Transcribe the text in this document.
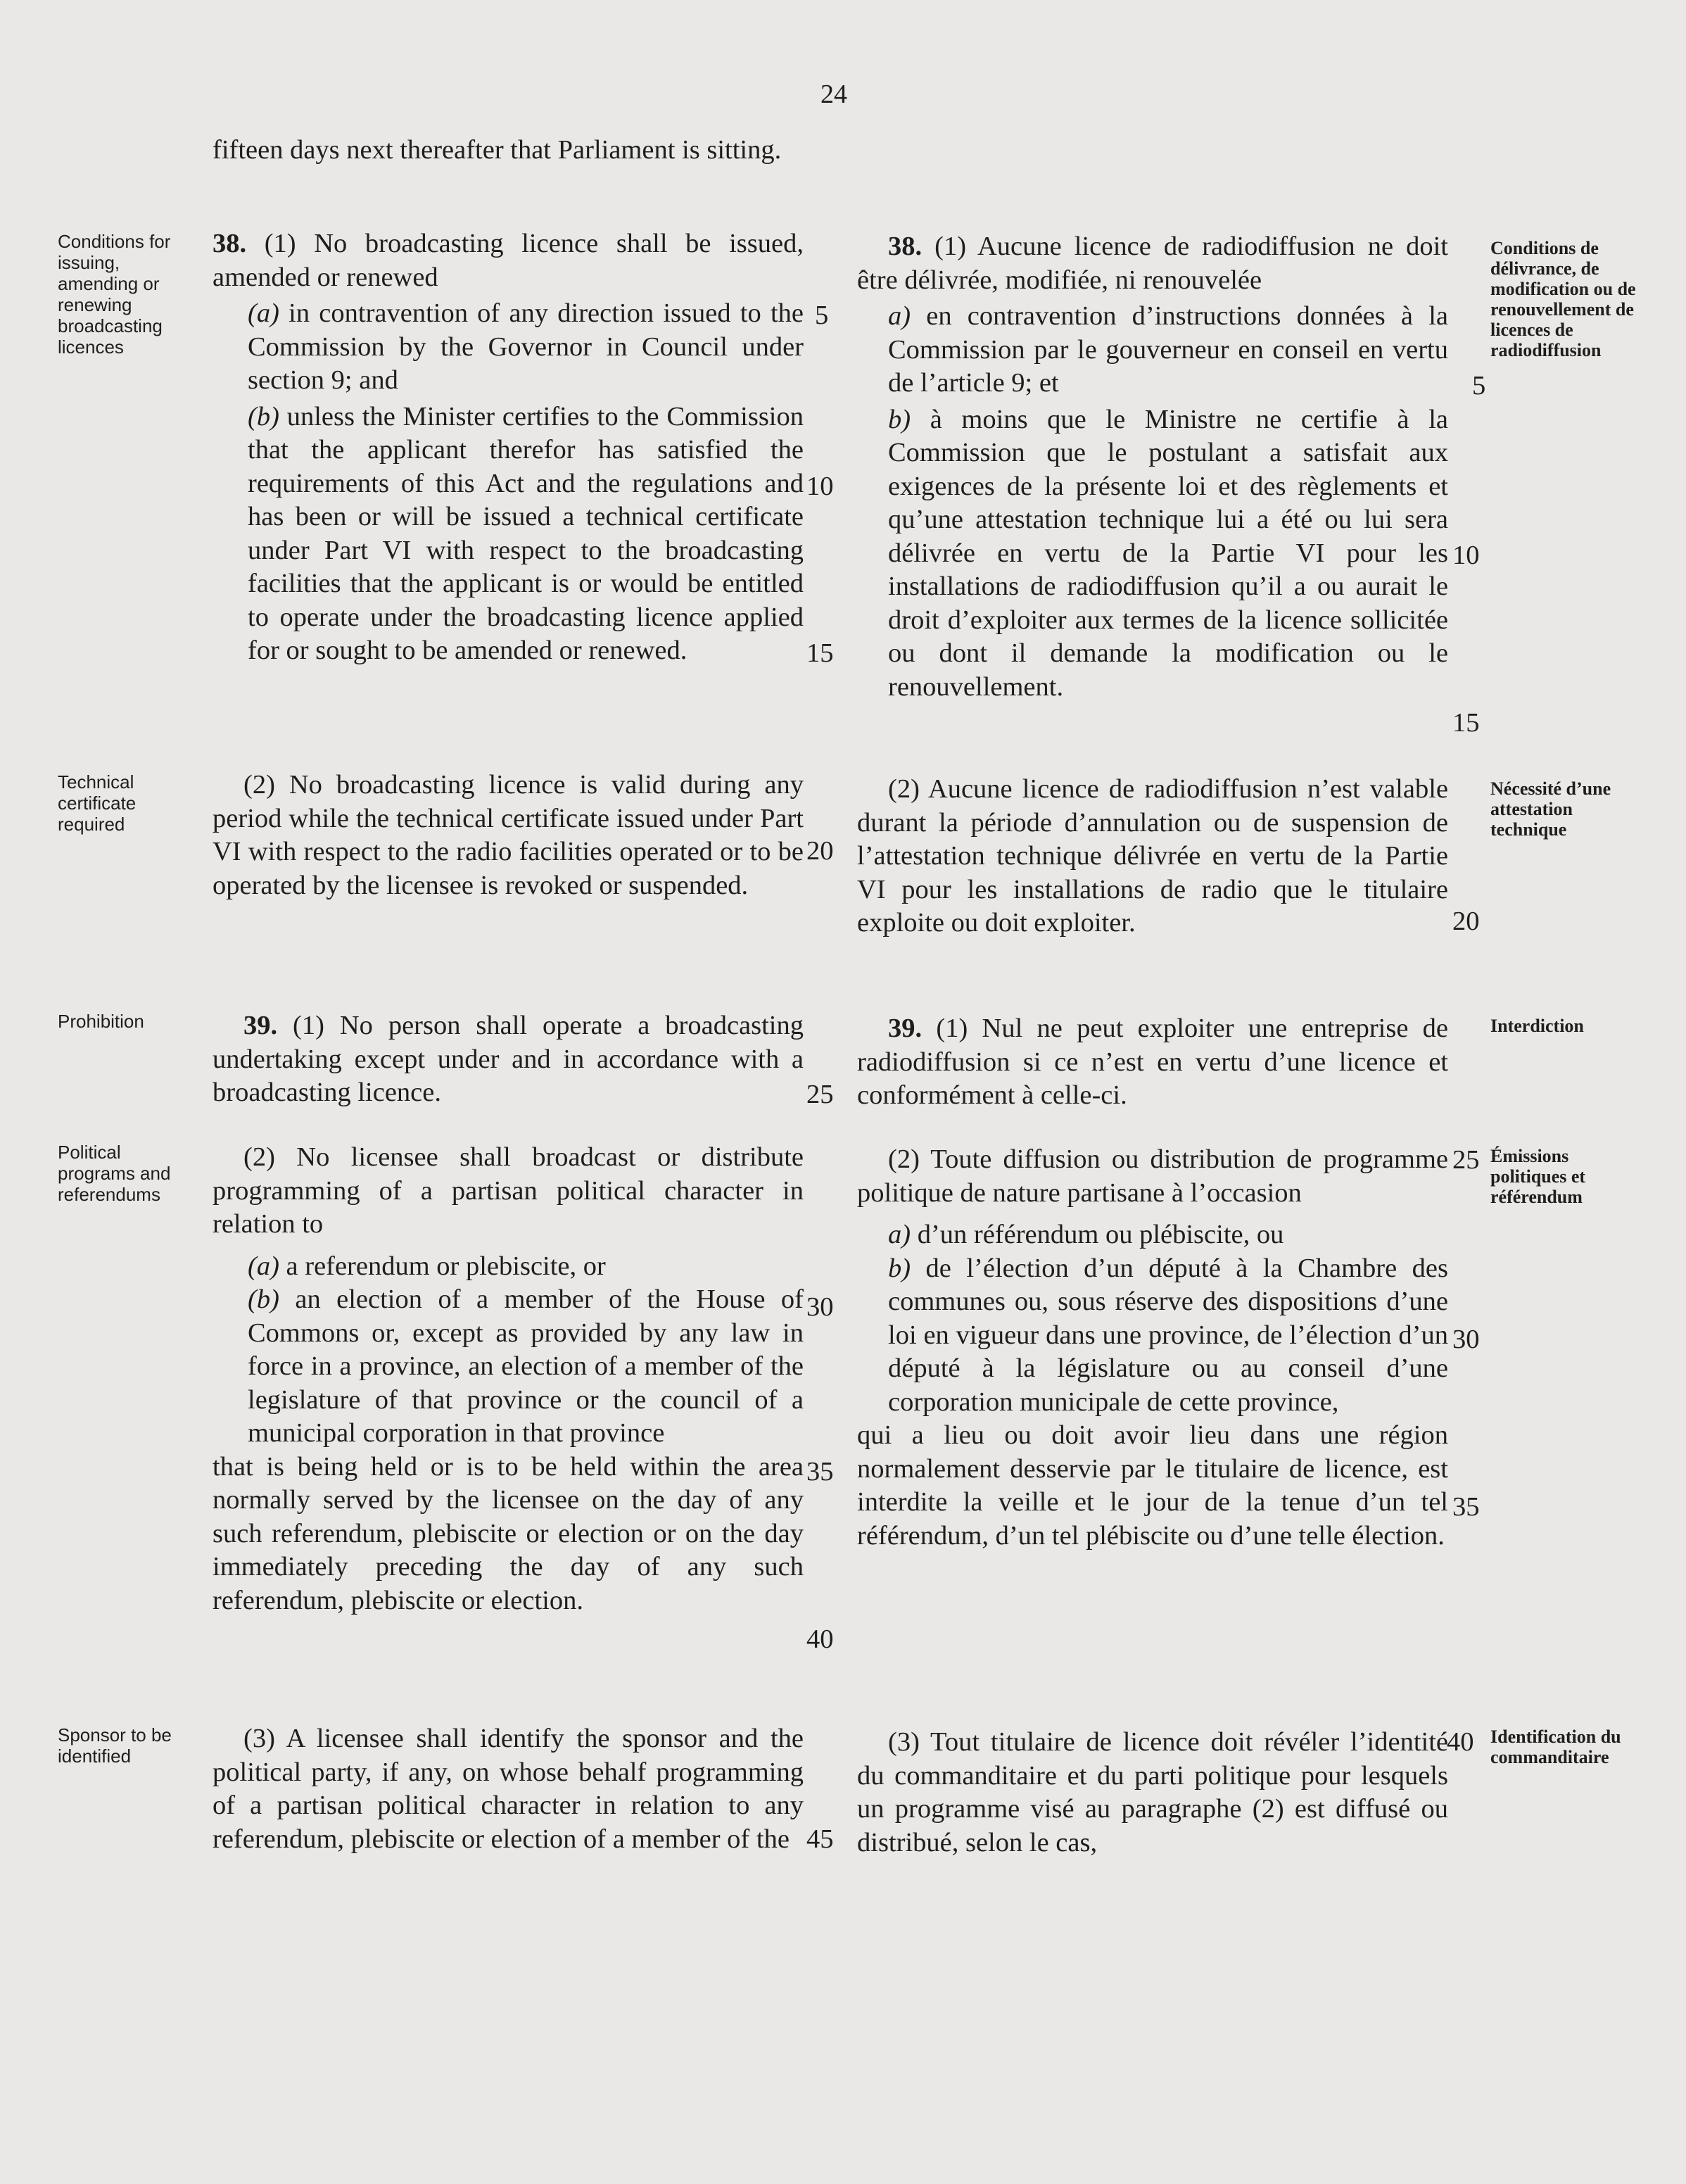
24

fifteen days next thereafter that Parliament is sitting.

38. (1) No broadcasting licence shall be issued, amended or renewed

(a) in contravention of any direction issued to the Commission by the Governor in Council under section 9; and

(b) unless the Minister certifies to the Commission that the applicant therefor has satisfied the requirements of this Act and the regulations and has been or will be issued a technical certificate under Part VI with respect to the broadcasting facilities that the applicant is or would be entitled to operate under the broadcasting licence applied for or sought to be amended or renewed.

(2) No broadcasting licence is valid during any period while the technical certificate issued under Part VI with respect to the radio facilities operated or to be operated by the licensee is revoked or suspended.

39. (1) No person shall operate a broadcasting undertaking except under and in accordance with a broadcasting licence.

(2) No licensee shall broadcast or distribute programming of a partisan political character in relation to

(a) a referendum or plebiscite, or

(b) an election of a member of the House of Commons or, except as provided by any law in force in a province, an election of a member of the legislature of that province or the council of a municipal corporation in that province

that is being held or is to be held within the area normally served by the licensee on the day of any such referendum, plebiscite or election or on the day immediately preceding the day of any such referendum, plebiscite or election.

(3) A licensee shall identify the sponsor and the political party, if any, on whose behalf programming of a partisan political character in relation to any referendum, plebiscite or election of a member of the

Conditions for issuing, amending or renewing broadcasting licences
Technical certificate required
Prohibition
Political programs and referendums
Sponsor to be identified
5
10
15
20
25
30
35
40
45

38. (1) Aucune licence de radiodiffusion ne doit être délivrée, modifiée, ni renouvelée

a) en contravention d’instructions données à la Commission par le gouverneur en conseil en vertu de l’article 9; et

b) à moins que le Ministre ne certifie à la Commission que le postulant a satisfait aux exigences de la présente loi et des règlements et qu’une attestation technique lui a été ou lui sera délivrée en vertu de la Partie VI pour les installations de radiodiffusion qu’il a ou aurait le droit d’exploiter aux termes de la licence sollicitée ou dont il demande la modification ou le renouvellement.

(2) Aucune licence de radiodiffusion n’est valable durant la période d’annulation ou de suspension de l’attestation technique délivrée en vertu de la Partie VI pour les installations de radio que le titulaire exploite ou doit exploiter.

39. (1) Nul ne peut exploiter une entreprise de radiodiffusion si ce n’est en vertu d’une licence et conformément à celle-ci.

(2) Toute diffusion ou distribution de programme politique de nature partisane à l’occasion

a) d’un référendum ou plébiscite, ou

b) de l’élection d’un député à la Chambre des communes ou, sous réserve des dispositions d’une loi en vigueur dans une province, de l’élection d’un député à la législature ou au conseil d’une corporation municipale de cette province,

qui a lieu ou doit avoir lieu dans une région normalement desservie par le titulaire de licence, est interdite la veille et le jour de la tenue d’un tel référendum, d’un tel plébiscite ou d’une telle élection.

(3) Tout titulaire de licence doit révéler l’identité du commanditaire et du parti politique pour lesquels un programme visé au paragraphe (2) est diffusé ou distribué, selon le cas,

Conditions de délivrance, de modification ou de renouvellement de licences de radiodiffusion
Nécessité d’une attestation technique
Interdiction
Émissions politiques et référendum
Identification du commanditaire
5
10
15
20
25
30
35
40
